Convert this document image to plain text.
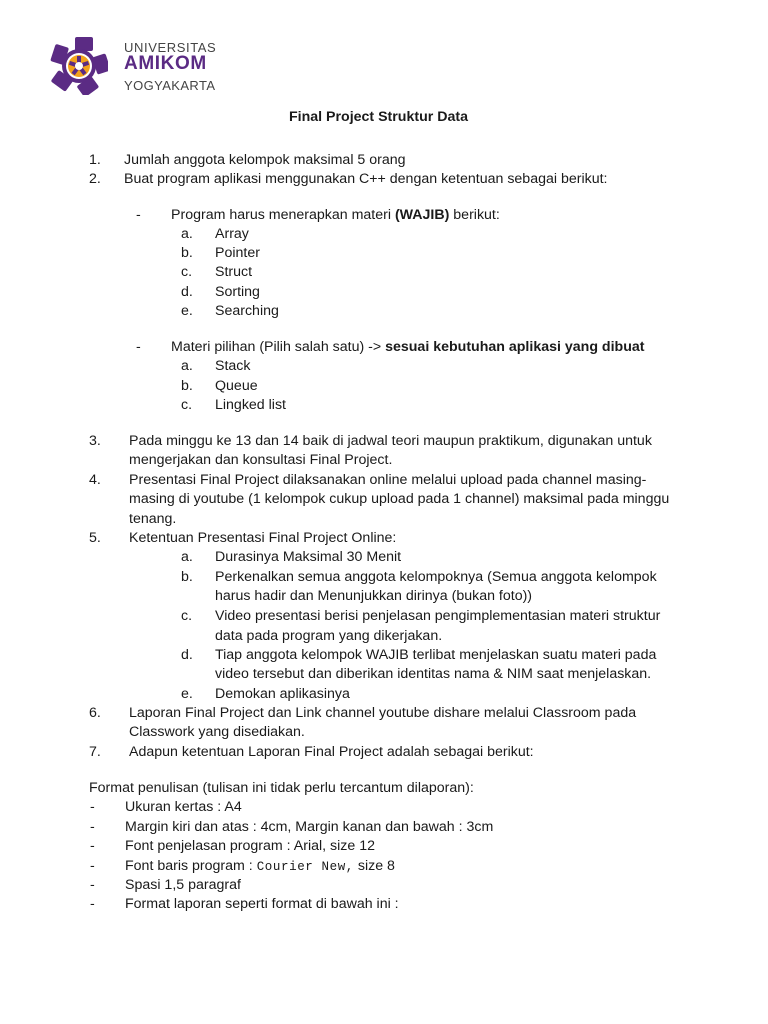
UNIVERSITAS
AMIKOM
YOGYAKARTA
Final Project Struktur Data
1. Jumlah anggota kelompok maksimal 5 orang
2. Buat program aplikasi menggunakan C++ dengan ketentuan sebagai berikut:
- Program harus menerapkan materi (WAJIB) berikut:
a. Array
b. Pointer
c. Struct
d. Sorting
e. Searching
- Materi pilihan (Pilih salah satu) -> sesuai kebutuhan aplikasi yang dibuat
a. Stack
b. Queue
c. Lingked list
3. Pada minggu ke 13 dan 14 baik di jadwal teori maupun praktikum, digunakan untuk
mengerjakan dan konsultasi Final Project.
4. Presentasi Final Project dilaksanakan online melalui upload pada channel masing-
masing di youtube (1 kelompok cukup upload pada 1 channel) maksimal pada minggu
tenang.
5. Ketentuan Presentasi Final Project Online:
a. Durasinya Maksimal 30 Menit
b. Perkenalkan semua anggota kelompoknya (Semua anggota kelompok
harus hadir dan Menunjukkan dirinya (bukan foto))
c. Video presentasi berisi penjelasan pengimplementasian materi struktur
data pada program yang dikerjakan.
d. Tiap anggota kelompok WAJIB terlibat menjelaskan suatu materi pada
video tersebut dan diberikan identitas nama & NIM saat menjelaskan.
e. Demokan aplikasinya
6. Laporan Final Project dan Link channel youtube dishare melalui Classroom pada
Classwork yang disediakan.
7. Adapun ketentuan Laporan Final Project adalah sebagai berikut:
Format penulisan (tulisan ini tidak perlu tercantum dilaporan):
- Ukuran kertas : A4
- Margin kiri dan atas : 4cm, Margin kanan dan bawah : 3cm
- Font penjelasan program : Arial, size 12
- Font baris program : Courier New, size 8
- Spasi 1,5 paragraf
- Format laporan seperti format di bawah ini :
